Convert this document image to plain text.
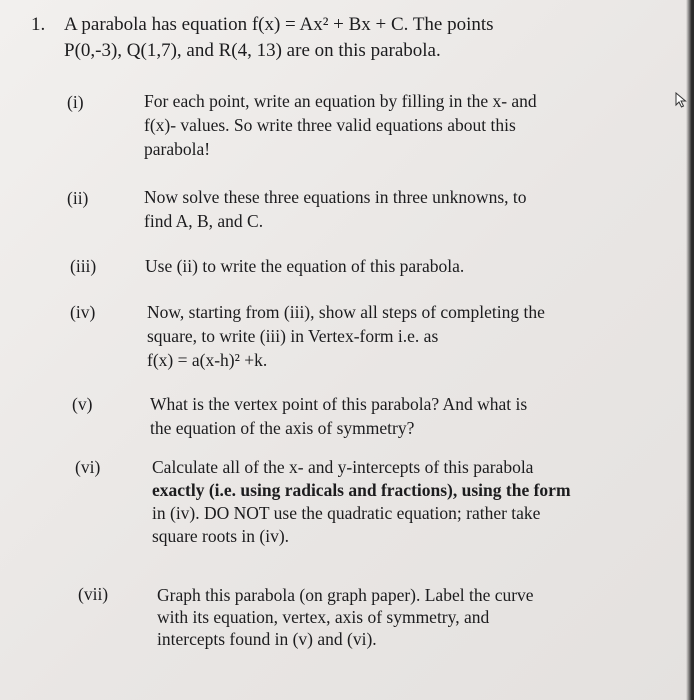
1. A parabola has equation f(x) = Ax² + Bx + C. The points
P(0,-3), Q(1,7), and R(4, 13) are on this parabola.
(i)	For each point, write an equation by filling in the x- and
f(x)- values. So write three valid equations about this
parabola!
(ii)	Now solve these three equations in three unknowns, to
find A, B, and C.
(iii)	Use (ii) to write the equation of this parabola.
(iv)	Now, starting from (iii), show all steps of completing the
square, to write (iii) in Vertex-form i.e. as
f(x) = a(x-h)² +k.
(v)	What is the vertex point of this parabola? And what is
the equation of the axis of symmetry?
(vi)	Calculate all of the x- and y-intercepts of this parabola
exactly (i.e. using radicals and fractions), using the form
in (iv). DO NOT use the quadratic equation; rather take
square roots in (iv).
(vii)	Graph this parabola (on graph paper). Label the curve
with its equation, vertex, axis of symmetry, and
intercepts found in (v) and (vi).
